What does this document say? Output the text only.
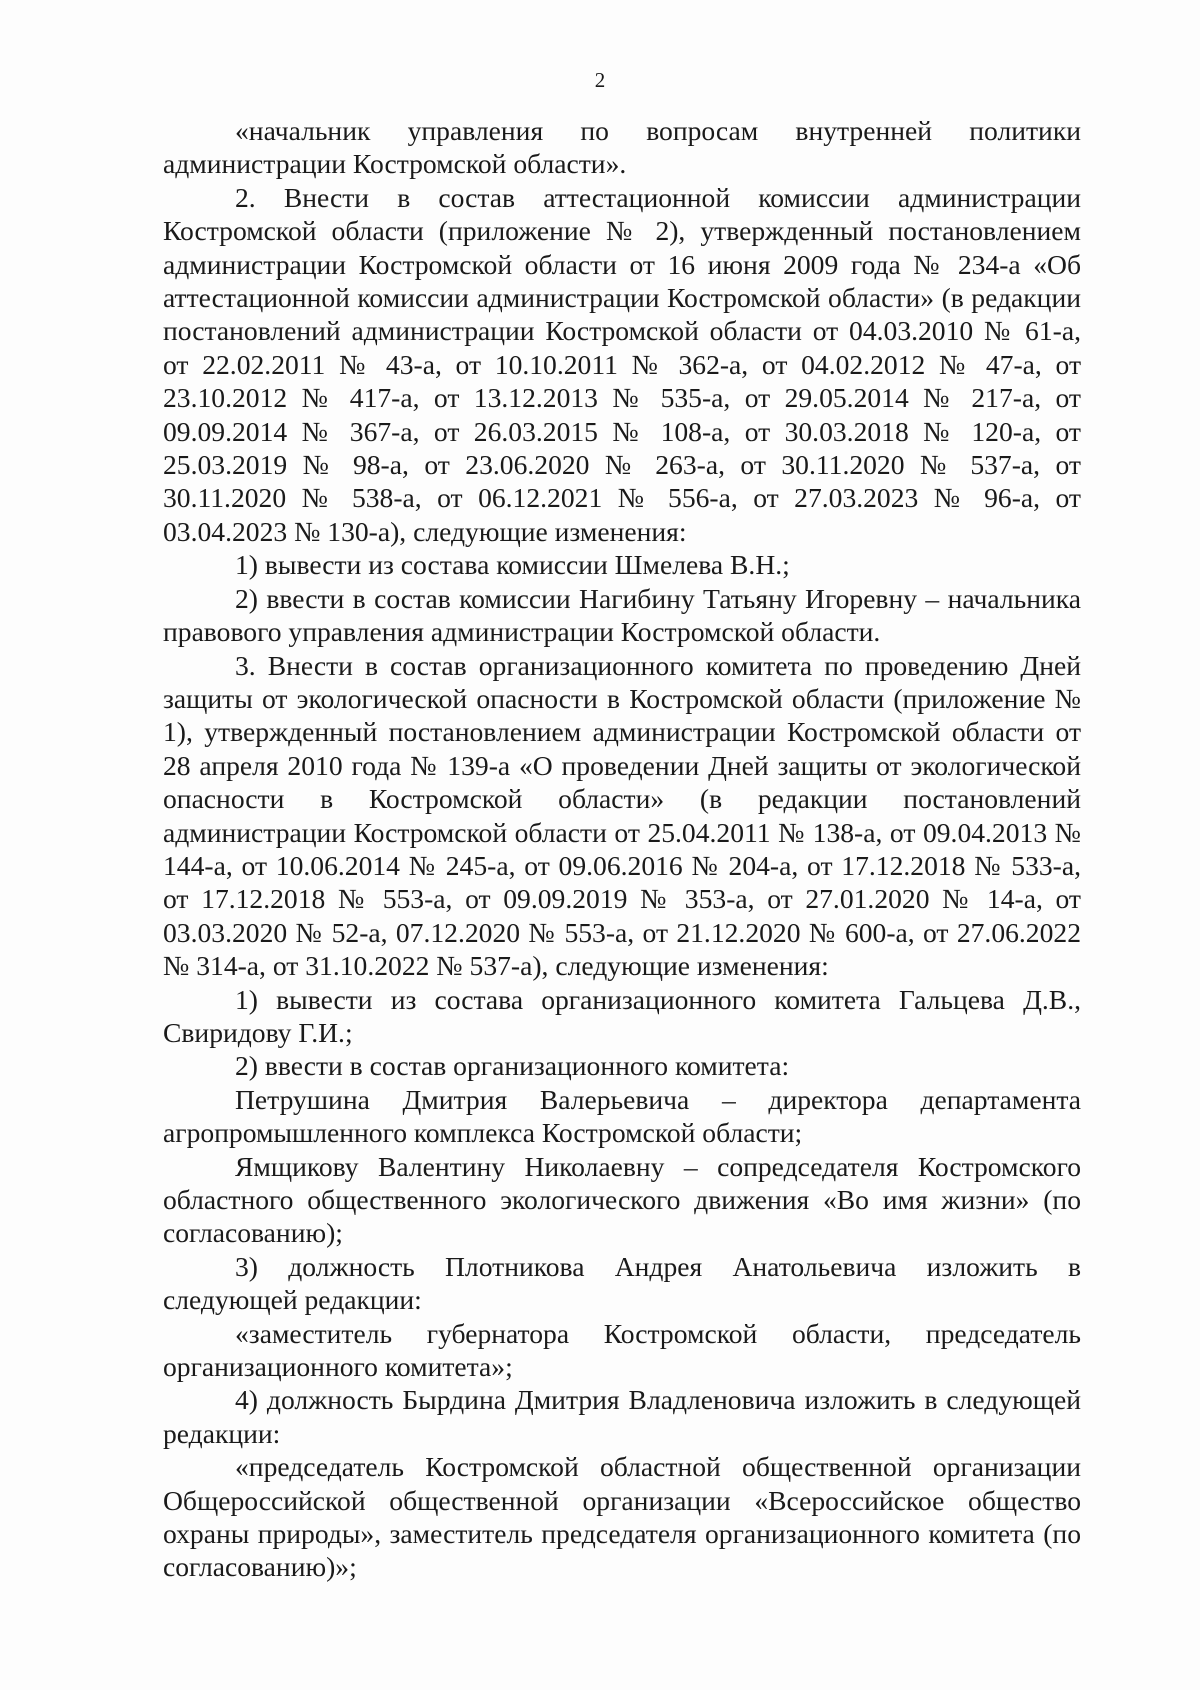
2

«начальник управления по вопросам внутренней политики администрации Костромской области».

2. Внести в состав аттестационной комиссии администрации Костромской области (приложение № 2), утвержденный постановлением администрации Костромской области от 16 июня 2009 года № 234-а «Об аттестационной комиссии администрации Костромской области» (в редакции постановлений администрации Костромской области от 04.03.2010 № 61-а, от 22.02.2011 № 43-а, от 10.10.2011 № 362-а, от 04.02.2012 № 47-а, от 23.10.2012 № 417-а, от 13.12.2013 № 535-а, от 29.05.2014 № 217-а, от 09.09.2014 № 367-а, от 26.03.2015 № 108-а, от 30.03.2018 № 120-а, от 25.03.2019 № 98-а, от 23.06.2020 № 263-а, от 30.11.2020 № 537-а, от 30.11.2020 № 538-а, от 06.12.2021 № 556-а, от 27.03.2023 № 96-а, от 03.04.2023 № 130-а), следующие изменения:

1) вывести из состава комиссии Шмелева В.Н.;

2) ввести в состав комиссии Нагибину Татьяну Игоревну – начальника правового управления администрации Костромской области.

3. Внести в состав организационного комитета по проведению Дней защиты от экологической опасности в Костромской области (приложение № 1), утвержденный постановлением администрации Костромской области от 28 апреля 2010 года № 139-а «О проведении Дней защиты от экологической опасности в Костромской области» (в редакции постановлений администрации Костромской области от 25.04.2011 № 138-а, от 09.04.2013 № 144-а, от 10.06.2014 № 245-а, от 09.06.2016 № 204-а, от 17.12.2018 № 533-а, от 17.12.2018 № 553-а, от 09.09.2019 № 353-а, от 27.01.2020 № 14-а, от 03.03.2020 № 52-а, 07.12.2020 № 553-а, от 21.12.2020 № 600-а, от 27.06.2022 № 314-а, от 31.10.2022 № 537-а), следующие изменения:

1) вывести из состава организационного комитета Гальцева Д.В., Свиридову Г.И.;

2) ввести в состав организационного комитета:

Петрушина Дмитрия Валерьевича – директора департамента агропромышленного комплекса Костромской области;

Ямщикову Валентину Николаевну – сопредседателя Костромского областного общественного экологического движения «Во имя жизни» (по согласованию);

3) должность Плотникова Андрея Анатольевича изложить в следующей редакции:

«заместитель губернатора Костромской области, председатель организационного комитета»;

4) должность Бырдина Дмитрия Владленовича изложить в следующей редакции:

«председатель Костромской областной общественной организации Общероссийской общественной организации «Всероссийское общество охраны природы», заместитель председателя организационного комитета (по согласованию)»;
